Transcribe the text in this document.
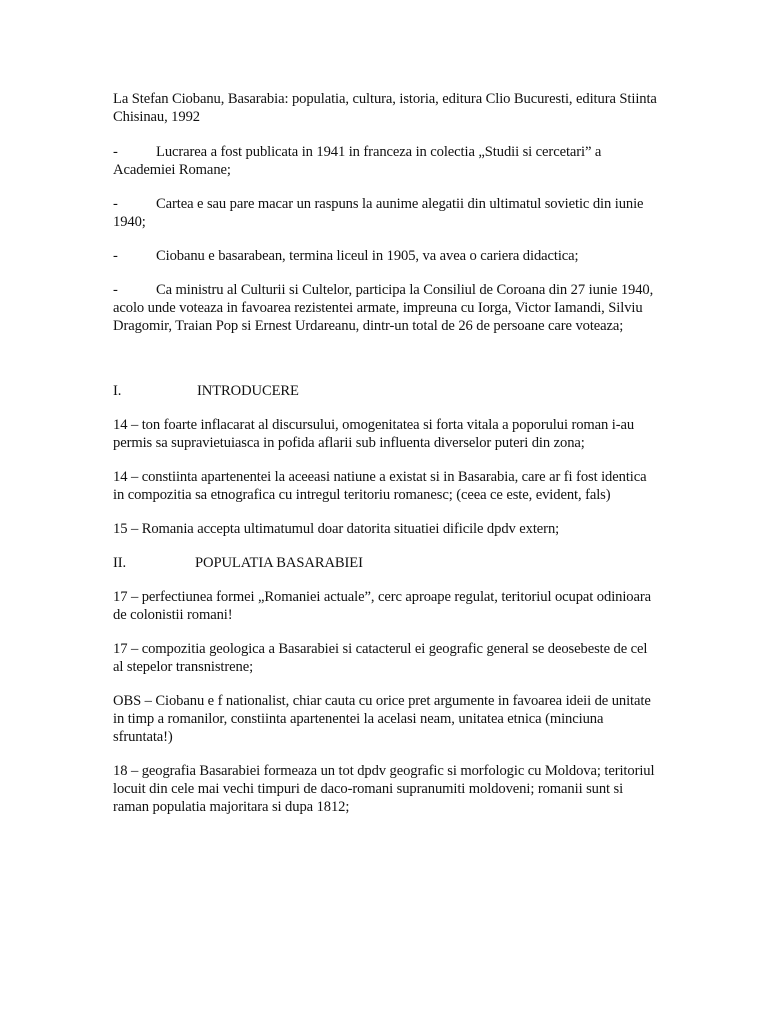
La Stefan Ciobanu, Basarabia: populatia, cultura, istoria, editura Clio Bucuresti, editura Stiinta Chisinau, 1992

-	Lucrarea a fost publicata in 1941 in franceza in colectia „Studii si cercetari” a Academiei Romane;
-	Cartea e sau pare macar un raspuns la aunime alegatii din ultimatul sovietic din iunie 1940;
-	Ciobanu e basarabean, termina liceul in 1905, va avea o cariera didactica;
-	Ca ministru al Culturii si Cultelor, participa la Consiliul de Coroana din 27 iunie 1940, acolo unde voteaza in favoarea rezistentei armate, impreuna cu Iorga, Victor Iamandi, Silviu Dragomir, Traian Pop si Ernest Urdareanu, dintr-un total de 26 de persoane care voteaza;
I.	INTRODUCERE

14 – ton foarte inflacarat al discursului, omogenitatea si forta vitala a poporului roman i-au permis sa supravietuiasca in pofida aflarii sub influenta diverselor puteri din zona;

14 – constiinta apartenentei la aceeasi natiune a existat si in Basarabia, care ar fi fost identica in compozitia sa etnografica cu intregul teritoriu romanesc; (ceea ce este, evident, fals)

15 – Romania accepta ultimatumul doar datorita situatiei dificile dpdv extern;

II.	POPULATIA BASARABIEI

17 – perfectiunea formei „Romaniei actuale”, cerc aproape regulat, teritoriul ocupat odinioara de colonistii romani!

17 – compozitia geologica a Basarabiei si catacterul ei geografic general se deosebeste de cel al stepelor transnistrene;

OBS – Ciobanu e f nationalist, chiar cauta cu orice pret argumente in favoarea ideii de unitate in timp a romanilor, constiinta apartenentei la acelasi neam, unitatea etnica (minciuna sfruntata!)

18 – geografia Basarabiei formeaza un tot dpdv geografic si morfologic cu Moldova; teritoriul locuit din cele mai vechi timpuri de daco-romani supranumiti moldoveni; romanii sunt si raman populatia majoritara si dupa 1812;
